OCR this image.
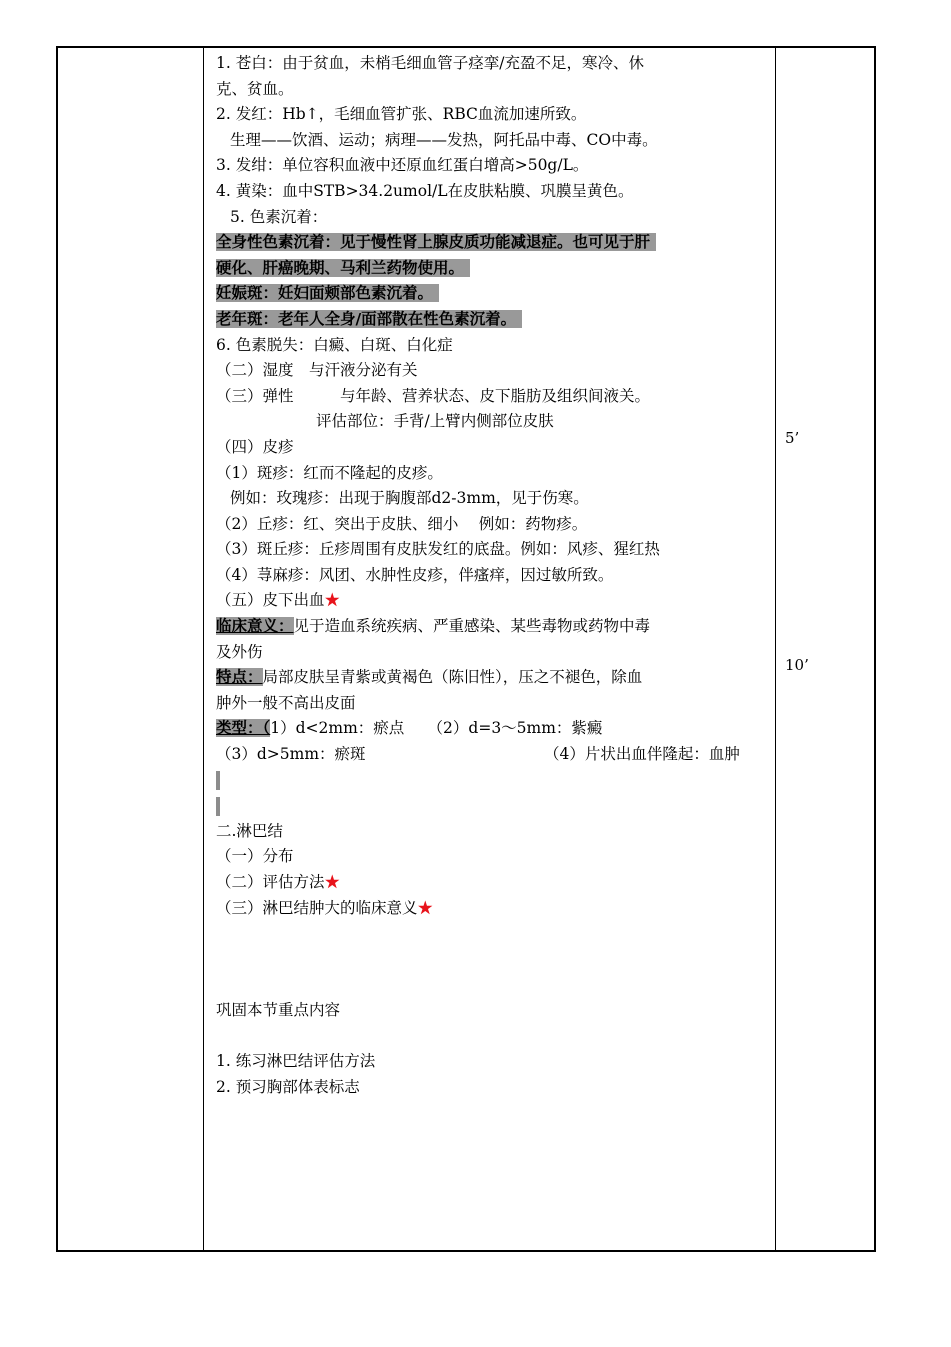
1. 苍白：由于贫血，未梢毛细血管子痉挛/充盈不足，寒冷、休
克、贫血。
2. 发红：Hb↑，毛细血管扩张、RBC血流加速所致。
生理——饮酒、运动；病理——发热，阿托品中毒、CO中毒。
3. 发绀：单位容积血液中还原血红蛋白增高>50g/L。
4. 黄染：血中STB>34.2umol/L在皮肤粘膜、巩膜呈黄色。
5. 色素沉着：
全身性色素沉着：见于慢性肾上腺皮质功能减退症。也可见于肝
硬化、肝癌晚期、马利兰药物使用。
妊娠斑：妊妇面颊部色素沉着。
老年斑：老年人全身/面部散在性色素沉着。
6. 色素脱失：白癜、白斑、白化症
（二）湿度　与汗液分泌有关
（三）弹性　　　与年龄、营养状态、皮下脂肪及组织间液关。
评估部位：手背/上臂内侧部位皮肤
（四）皮疹
（1）斑疹：红而不隆起的皮疹。
例如：玫瑰疹：出现于胸腹部d2-3mm，见于伤寒。
（2）丘疹：红、突出于皮肤、细小　 例如：药物疹。
（3）斑丘疹：丘疹周围有皮肤发红的底盘。例如：风疹、猩红热
（4）荨麻疹：风团、水肿性皮疹，伴瘙痒，因过敏所致。
（五）皮下出血★
临床意义：见于造血系统疾病、严重感染、某些毒物或药物中毒
及外伤
特点：局部皮肤呈青紫或黄褐色（陈旧性），压之不褪色，除血
肿外一般不高出皮面
类型：（1）d<2mm：瘀点　　（2）d=3～5mm：紫癜
（3）d>5mm：瘀斑	（4）片状出血伴隆起：血肿
二.淋巴结
（一）分布
（二）评估方法★
（三）淋巴结肿大的临床意义★
巩固本节重点内容
1. 练习淋巴结评估方法
2. 预习胸部体表标志
5’
10’
